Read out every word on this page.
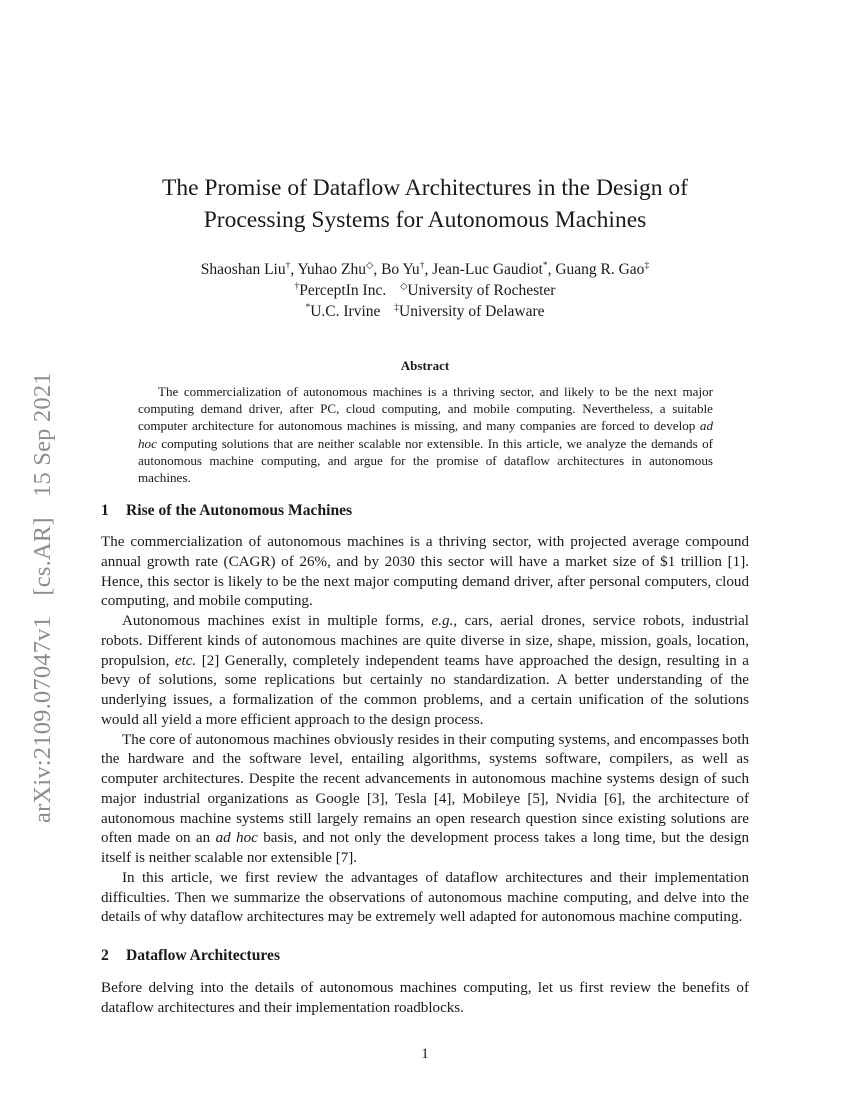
arXiv:2109.07047v1 [cs.AR] 15 Sep 2021
The Promise of Dataflow Architectures in the Design of
Processing Systems for Autonomous Machines
Shaoshan Liu†, Yuhao Zhu◇, Bo Yu†, Jean-Luc Gaudiot*, Guang R. Gao‡
†PerceptIn Inc. ◇University of Rochester
*U.C. Irvine ‡University of Delaware
Abstract

The commercialization of autonomous machines is a thriving sector, and likely to be the next major computing demand driver, after PC, cloud computing, and mobile computing. Nevertheless, a suitable computer architecture for autonomous machines is missing, and many companies are forced to develop ad hoc computing solutions that are neither scalable nor extensible. In this article, we analyze the demands of autonomous machine computing, and argue for the promise of dataflow architectures in autonomous machines.

1 Rise of the Autonomous Machines

The commercialization of autonomous machines is a thriving sector, with projected average compound annual growth rate (CAGR) of 26%, and by 2030 this sector will have a market size of $1 trillion [1]. Hence, this sector is likely to be the next major computing demand driver, after personal computers, cloud computing, and mobile computing.

Autonomous machines exist in multiple forms, e.g., cars, aerial drones, service robots, industrial robots. Different kinds of autonomous machines are quite diverse in size, shape, mission, goals, location, propulsion, etc. [2] Generally, completely independent teams have approached the design, resulting in a bevy of solutions, some replications but certainly no standardization. A better understanding of the underlying issues, a formalization of the common problems, and a certain unification of the solutions would all yield a more efficient approach to the design process.

The core of autonomous machines obviously resides in their computing systems, and encompasses both the hardware and the software level, entailing algorithms, systems software, compilers, as well as computer architectures. Despite the recent advancements in autonomous machine systems design of such major industrial organizations as Google [3], Tesla [4], Mobileye [5], Nvidia [6], the architecture of autonomous machine systems still largely remains an open research question since existing solutions are often made on an ad hoc basis, and not only the development process takes a long time, but the design itself is neither scalable nor extensible [7].

In this article, we first review the advantages of dataflow architectures and their implementation difficulties. Then we summarize the observations of autonomous machine computing, and delve into the details of why dataflow architectures may be extremely well adapted for autonomous machine computing.

2 Dataflow Architectures

Before delving into the details of autonomous machines computing, let us first review the benefits of dataflow architectures and their implementation roadblocks.

1
